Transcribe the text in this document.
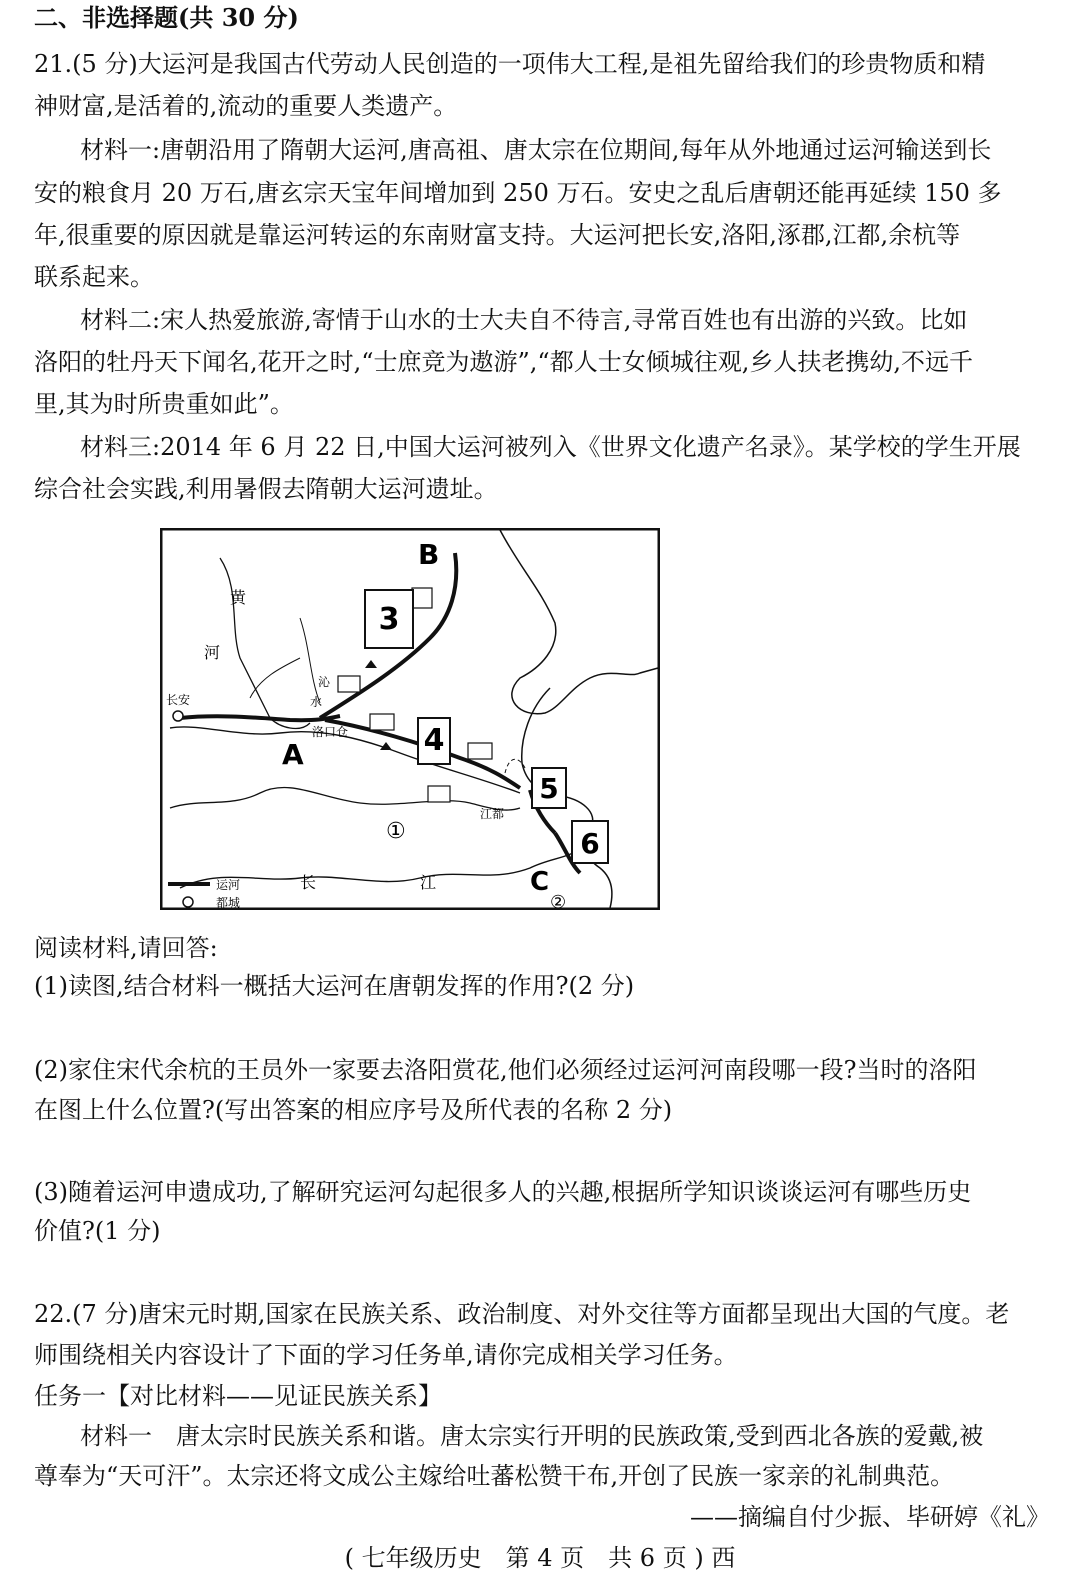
二、非选择题(共 30 分)
21.(5 分)大运河是我国古代劳动人民创造的一项伟大工程,是祖先留给我们的珍贵物质和精
神财富,是活着的,流动的重要人类遗产。
材料一:唐朝沿用了隋朝大运河,唐高祖、唐太宗在位期间,每年从外地通过运河输送到长
安的粮食月 20 万石,唐玄宗天宝年间增加到 250 万石。安史之乱后唐朝还能再延续 150 多
年,很重要的原因就是靠运河转运的东南财富支持。大运河把长安,洛阳,涿郡,江都,余杭等
联系起来。
材料二:宋人热爱旅游,寄情于山水的士大夫自不待言,寻常百姓也有出游的兴致。比如
洛阳的牡丹天下闻名,花开之时,“士庶竞为遨游”,“都人士女倾城往观,乡人扶老携幼,不远千
里,其为时所贵重如此”。
材料三:2014 年 6 月 22 日,中国大运河被列入《世界文化遗产名录》。某学校的学生开展
综合社会实践,利用暑假去隋朝大运河遗址。
3
4
5
6
B
A
C
①
②
长安
洛口仓
江都
黄
河
沁
水
长	江
运河
都城
阅读材料,请回答:
(1)读图,结合材料一概括大运河在唐朝发挥的作用?(2 分)
(2)家住宋代余杭的王员外一家要去洛阳赏花,他们必须经过运河河南段哪一段?当时的洛阳
在图上什么位置?(写出答案的相应序号及所代表的名称 2 分)
(3)随着运河申遗成功,了解研究运河勾起很多人的兴趣,根据所学知识谈谈运河有哪些历史
价值?(1 分)
22.(7 分)唐宋元时期,国家在民族关系、政治制度、对外交往等方面都呈现出大国的气度。老
师围绕相关内容设计了下面的学习任务单,请你完成相关学习任务。
任务一【对比材料——见证民族关系】
材料一　唐太宗时民族关系和谐。唐太宗实行开明的民族政策,受到西北各族的爱戴,被
尊奉为“天可汗”。太宗还将文成公主嫁给吐蕃松赞干布,开创了民族一家亲的礼制典范。
——摘编自付少振、毕研婷《礼》
( 七年级历史　第 4 页　共 6 页 ) 西
